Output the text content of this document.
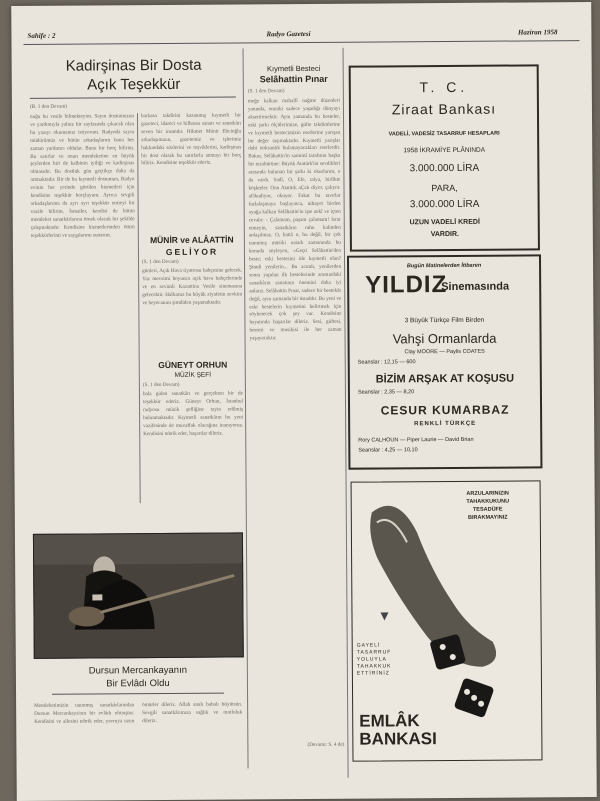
Sahife : 2	Radyo Gazetesi	Haziran 1958
Kadirşinas Bir Dosta
Açık Teşekkür
(B. 1 den Devam)
nuğu bu vesile bilmekteyim. Sayın dostumuzun ve yardımıyla yalnız bir sayfasında çıkacak olan bu yazıyı okumanızı istiyorum. Radyoda sayın müdürümüz ve bütün arkadaşlarım bana her zaman yardımcı oldular. Bunu bir borç bilirim. Bu satırlar ve onun memleketine en büyük şeylerden biri de kalbinin iyiliği ve kadirşinas olmasıdır. Bu dostluk gün geçtikçe daha da artmaktadır. Bir de bu kıymetli dostumun, Radyo evinin her yerinde görülen hizmetleri için kendisine teşekkür borçluyum. Ayrıca sevgili arkadaşlarıma da ayrı ayrı teşekkür etmeyi bir vazife bilirim. İsmailer, kendisi de bütün memleket sanatkârlarına örnek olacak bir şekilde çalışmaktadır. Kendisine hizmetlerinden ötürü teşekkürlerimi ve saygılarımı sunarım.
barkasa takdirini kazanmış kıymetli bir gazeteci, idareci ve bilhassa sanatı ve sanatkârı seven bir insandır. Hikmet Münir Ebcioğlu arkadaşımızın, gazetemiz ve işlerimiz hakkındaki sözlerini ve teşviklerini, kadirşinas bir dost olarak bu satırlarla anmayı bir borç biliriz. Kendisine teşekkür ederiz.
MÜNİR ve ALÂATTİN
GELİYOR
(S. 1 den Devam)
günleri, Açık Hava tiyatrosu bahçesine gelecek. Yaz mevsimi boyunca açık hava bahçelerinde ve en sevimli Karantina Vesile sinemasına gelecektir. Halkımız bu büyük ziyafetin zevkini ve heyecanını şimdiden yaşamaktadır.
GÜNEYT ORHUN
MÜZİK ŞEFİ
(S. 1 den Devam)
bala giden sanatkârı ve gerçekten bir de teşekkür ederiz. Güneyt Orhun, İstanbul radyosu müzik şefliğine tayin edilmiş bulunmaktadır. Kıymetli sanatkârın bu yeni vazifesinde de muvaffak olacağına inanıyoruz. Kendisini tebrik eder, başarılar dileriz.
Kıymetli Besteci
Selâhattin Pınar
(S. 1 den Devam)
meğe kalkan mahallî nağme düzenleri yanında, onunki sadece yaşadığı dünyayı aksettirmektir. Aynı zamanda bu besteler, eski şarkı ölçülerimize, güfte takdimlerine ve kıymetli bestecimizin eserlerine yarışan bir değer taşımaktadır. Kıymetli yarışlar dahi noksanlık bulamayacakları eserlerdir. Bakın, Selâhattin'in samimî tarafının başka bir tezahürüne: Büyük Atatürk'ün sevdikleri arasında bulunan bir şarkı ki okurlarım, o da vardı. Sadî, O, Efe, talya, birlikte köşkteler. Onu Atatürk aÇalı diyor, çalıyor. aOkudiyor, okuyor. Fakat bu tavırlar fazlalaşmaya başlayınca, nihayet birden ayağa kalkan Selâhattin'in işte zekî ve içten cevabı: - Çalamam, paşam çalamam! Israr etmeyin, sanatkârın ruhu kalinden anlaşılmaz. O, hattâ o, bu değil, bir çok tanınmış müsiki ustadı zamanında bu konuda söyleyen, «Geçti Selâhattin'den beste; eski bestesini ide kıymetli olan? Şimdi yenilerin... Bu acımlı, yenilerden sonra yapılan ilk bestelerinde aramızdaki sanatkârın sanatının önemini daha iyi anlarız. Selâhattin Pınar, sadece bir bestekâr değil, aynı zamanda bir üstaddır. Bu yeni ve eski bestelerin kıymetini belirtmek için söylenecek çok şey var. Kendisine hayatında başarılar dileriz. Sesi, güftesi, bestesi ve musikisi ile her zaman yaşayacaktır.
(Devamı: S. 4 de)
Dursun Mercankayanın
Bir Evlâdı Oldu
Memleketimizin tanınmış sanatkârlarından Dursun Mercankaya'nın bir evlâdı olmuştur. Kendisini ve ailesini tebrik eder, yavruya uzun ömürler dileriz. Allah analı babalı büyütsün. Sevgili sanatkârımıza sağlık ve mutluluk dileriz.
T. C.
Ziraat Bankası
VADELİ, VADESİZ TASARRUF HESAPLARI
1958 İKRAMİYE PLÂNINDA
3.000.000 LİRA
PARA,
3.000.000 LİRA
UZUN VADELİ KREDİ
VARDIR.
Bugün Matinelerden İtibaren
YILDIZ
Sinemasında
3 Büyük Türkçe Film Birden
Vahşi Ormanlarda
Clay MOORE — Paylis COATES
Seanslar : 12,15 — 600
BİZİM ARŞAK AT KOŞUSU
Seanslar : 2,35 — 8,20
CESUR KUMARBAZ
RENKLİ TÜRKÇE
Rory CALHOUN — Piper Laurie — David Brian
Seanslar : 4,25 — 10,10
ARZULARINIZIN
TAHAKKUKUNU
TESADÜFE
BIRAKMAYINIZ
GAYELİ TASARRUF YOLUYLA TAHAKKUK ETTİRİNİZ
EMLÂK
BANKASI
